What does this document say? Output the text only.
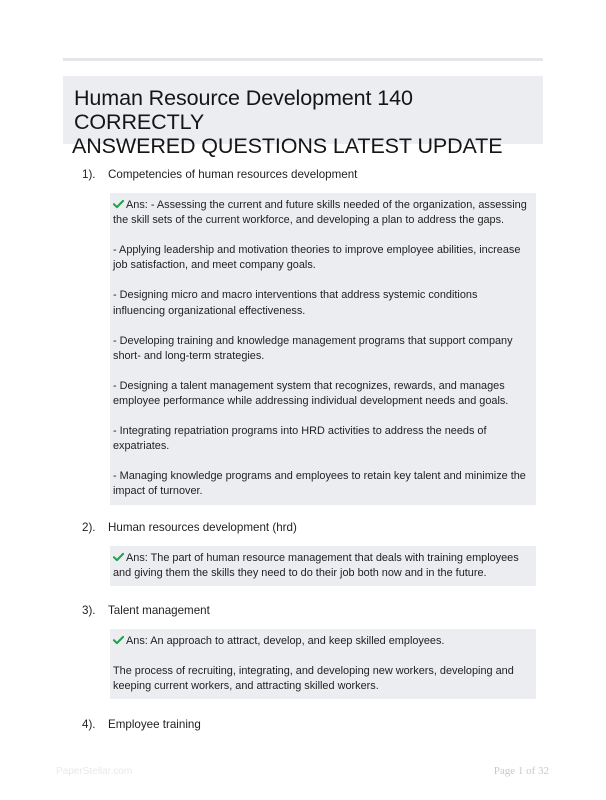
Human Resource Development 140 CORRECTLY
ANSWERED QUESTIONS LATEST UPDATE
1). Competencies of human resources development

Ans: - Assessing the current and future skills needed of the organization, assessing the skill sets of the current workforce, and developing a plan to address the gaps.

- Applying leadership and motivation theories to improve employee abilities, increase job satisfaction, and meet company goals.

- Designing micro and macro interventions that address systemic conditions influencing organizational effectiveness.

- Developing training and knowledge management programs that support company short- and long-term strategies.

- Designing a talent management system that recognizes, rewards, and manages employee performance while addressing individual development needs and goals.

- Integrating repatriation programs into HRD activities to address the needs of expatriates.

- Managing knowledge programs and employees to retain key talent and minimize the impact of turnover.

2). Human resources development (hrd)

Ans: The part of human resource management that deals with training employees and giving them the skills they need to do their job both now and in the future.

3). Talent management

Ans: An approach to attract, develop, and keep skilled employees.

The process of recruiting, integrating, and developing new workers, developing and keeping current workers, and attracting skilled workers.

4). Employee training
PaperStellar.com	Page 1 of 32
